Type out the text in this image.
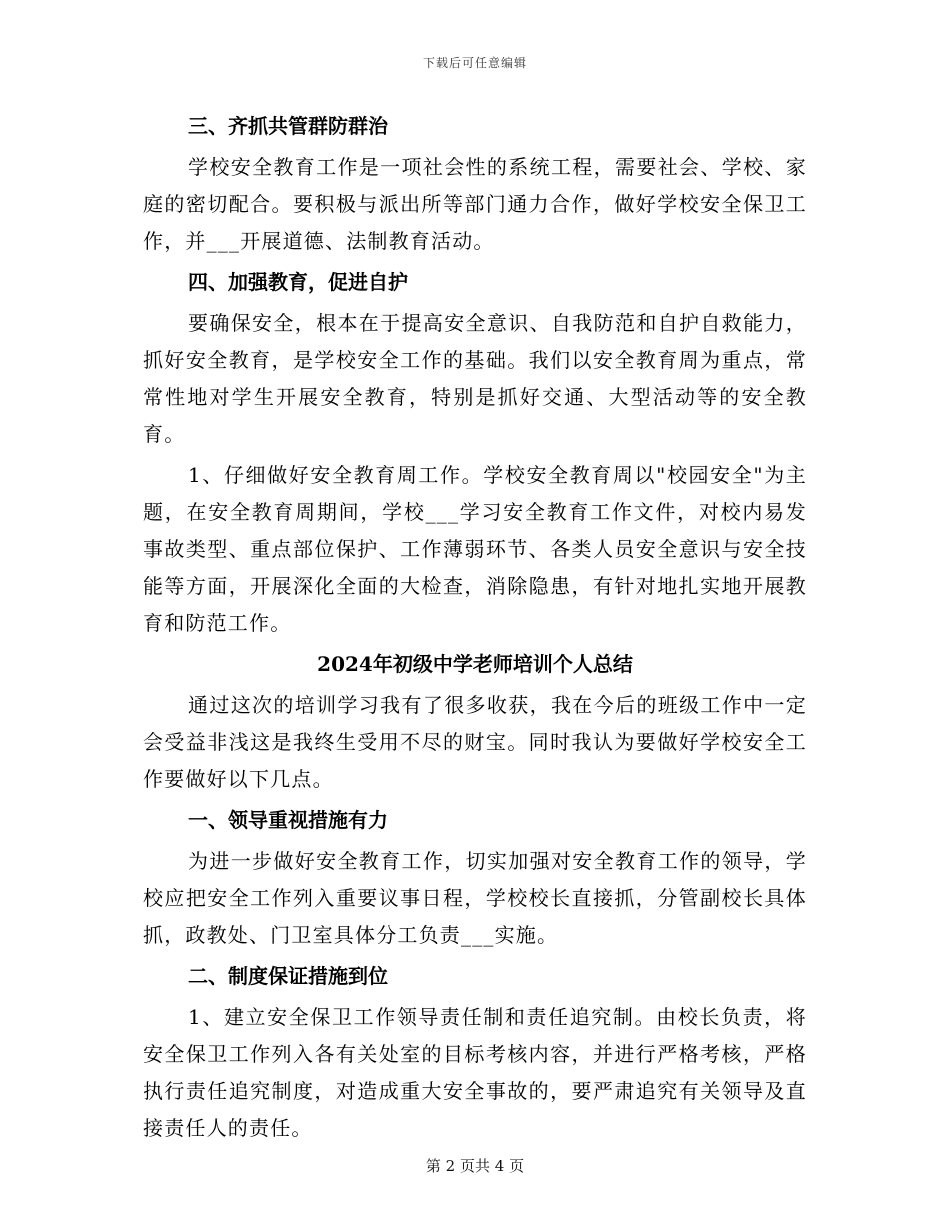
下载后可任意编辑
三、齐抓共管群防群治
学校安全教育工作是一项社会性的系统工程，需要社会、学校、家庭的密切配合。要积极与派出所等部门通力合作，做好学校安全保卫工作，并___开展道德、法制教育活动。
四、加强教育，促进自护
要确保安全，根本在于提高安全意识、自我防范和自护自救能力，抓好安全教育，是学校安全工作的基础。我们以安全教育周为重点，常常性地对学生开展安全教育，特别是抓好交通、大型活动等的安全教育。
1、仔细做好安全教育周工作。学校安全教育周以"校园安全"为主题，在安全教育周期间，学校___学习安全教育工作文件，对校内易发事故类型、重点部位保护、工作薄弱环节、各类人员安全意识与安全技能等方面，开展深化全面的大检查，消除隐患，有针对地扎实地开展教育和防范工作。
2024年初级中学老师培训个人总结
通过这次的培训学习我有了很多收获，我在今后的班级工作中一定会受益非浅这是我终生受用不尽的财宝。同时我认为要做好学校安全工作要做好以下几点。
一、领导重视措施有力
为进一步做好安全教育工作，切实加强对安全教育工作的领导，学校应把安全工作列入重要议事日程，学校校长直接抓，分管副校长具体抓，政教处、门卫室具体分工负责___实施。
二、制度保证措施到位
1、建立安全保卫工作领导责任制和责任追究制。由校长负责，将安全保卫工作列入各有关处室的目标考核内容，并进行严格考核，严格执行责任追究制度，对造成重大安全事故的，要严肃追究有关领导及直接责任人的责任。
第 2 页共 4 页
